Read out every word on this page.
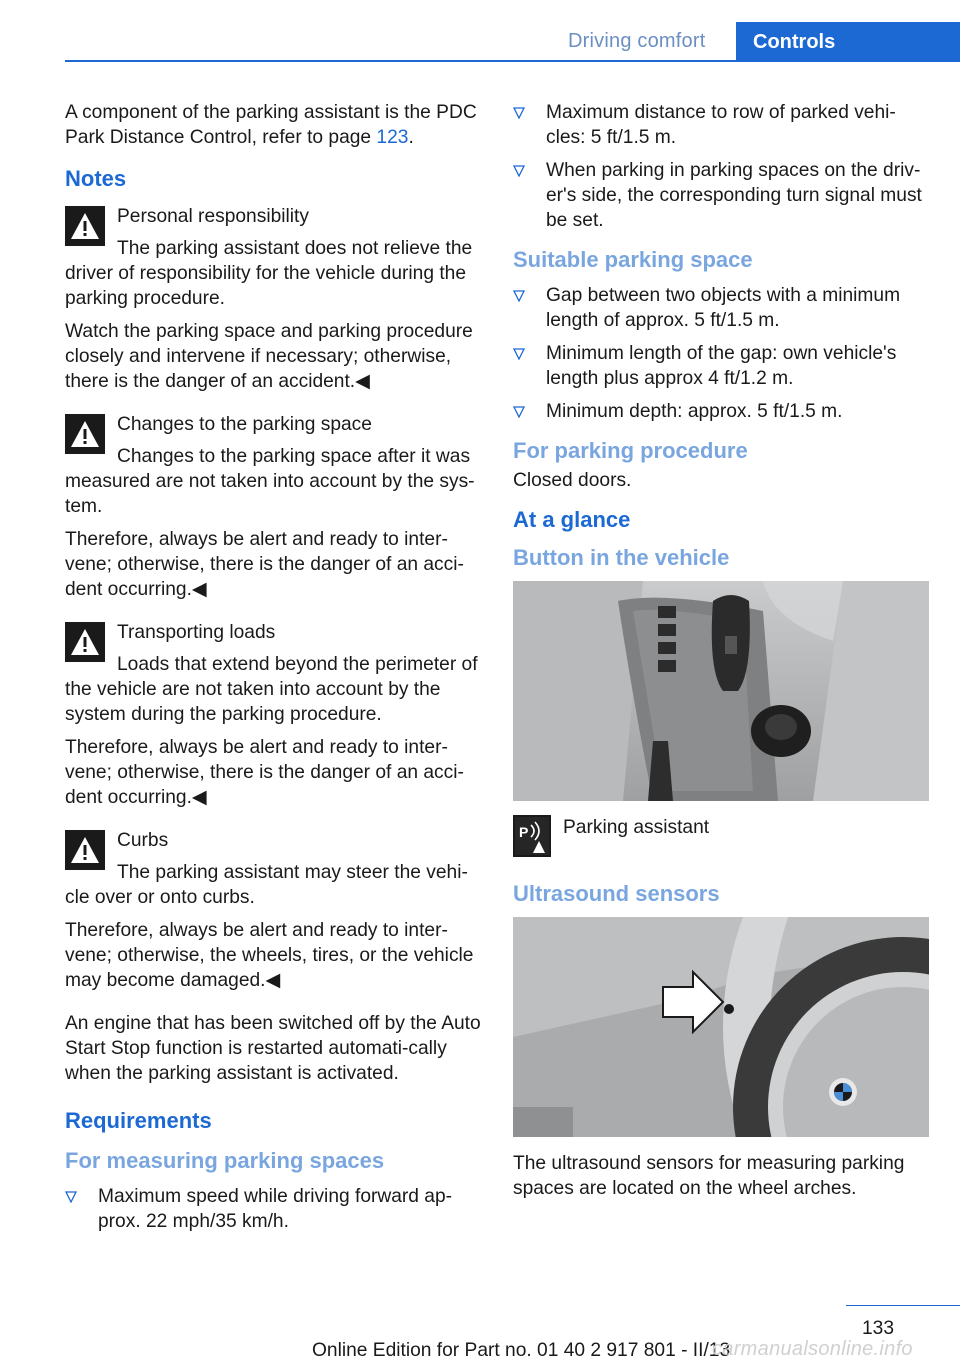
Driving comfort Controls

A component of the parking assistant is the PDC Park Distance Control, refer to page 123.

Notes
Personal responsibility

The parking assistant does not relieve the driver of responsibility for the vehicle during the parking procedure.

Watch the parking space and parking procedure closely and intervene if necessary; otherwise, there is the danger of an accident.◀

Changes to the parking space

Changes to the parking space after it was measured are not taken into account by the sys‐tem.

Therefore, always be alert and ready to inter‐vene; otherwise, there is the danger of an acci‐dent occurring.◀

Transporting loads

Loads that extend beyond the perimeter of the vehicle are not taken into account by the system during the parking procedure.

Therefore, always be alert and ready to inter‐vene; otherwise, there is the danger of an acci‐dent occurring.◀

Curbs

The parking assistant may steer the vehi‐cle over or onto curbs.

Therefore, always be alert and ready to inter‐vene; otherwise, the wheels, tires, or the vehicle may become damaged.◀

An engine that has been switched off by the Auto Start Stop function is restarted automati‐cally when the parking assistant is activated.

Requirements
For measuring parking spaces
Maximum speed while driving forward ap‐prox. 22 mph/35 km/h.
Maximum distance to row of parked vehi‐cles: 5 ft/1.5 m.
When parking in parking spaces on the driv‐er's side, the corresponding turn signal must be set.
Suitable parking space
Gap between two objects with a minimum length of approx. 5 ft/1.5 m.
Minimum length of the gap: own vehicle's length plus approx 4 ft/1.2 m.
Minimum depth: approx. 5 ft/1.5 m.
For parking procedure

Closed doors.

At a glance
Button in the vehicle
P Parking assistant
Ultrasound sensors

The ultrasound sensors for measuring parking spaces are located on the wheel arches.

133
Online Edition for Part no. 01 40 2 917 801 - II/13
carmanualsonline.info
